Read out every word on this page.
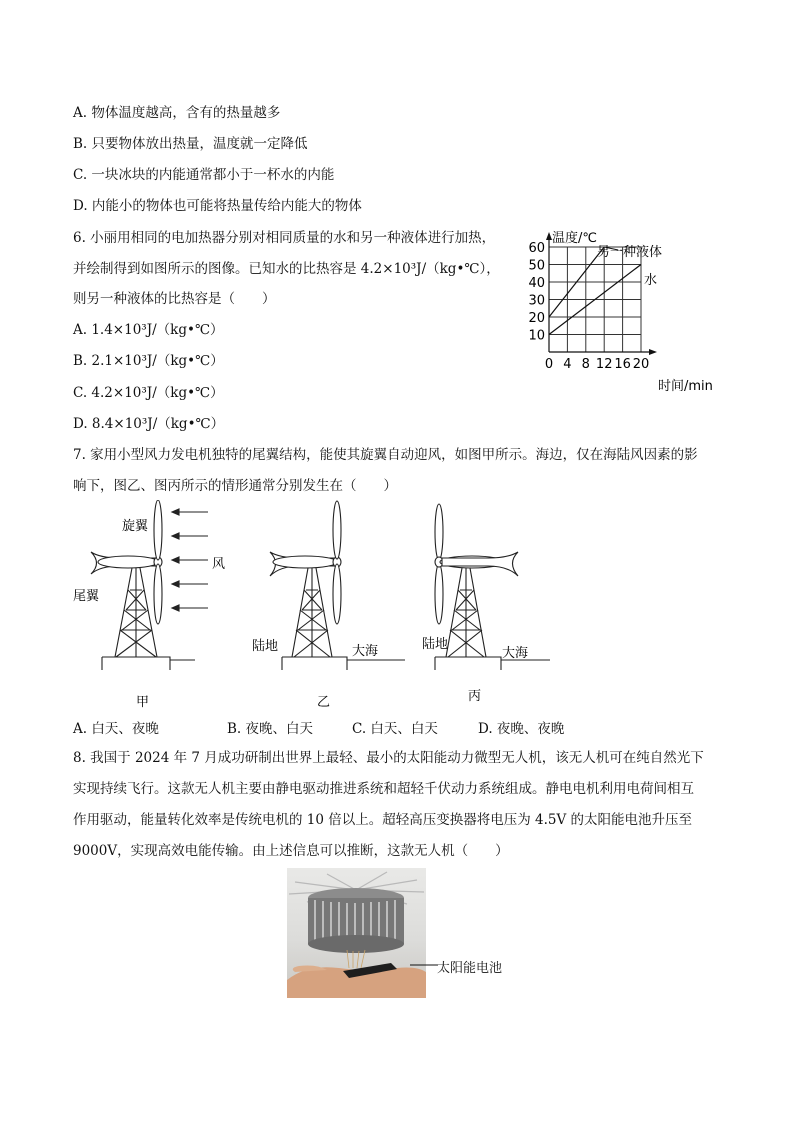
A. 物体温度越高，含有的热量越多
B. 只要物体放出热量，温度就一定降低
C. 一块冰块的内能通常都小于一杯水的内能
D. 内能小的物体也可能将热量传给内能大的物体
6. 小丽用相同的电加热器分别对相同质量的水和另一种液体进行加热，
并绘制得到如图所示的图像。已知水的比热容是 4.2×10³J/（kg•℃），
则另一种液体的比热容是（　　）
A. 1.4×10³J/（kg•℃）
B. 2.1×10³J/（kg•℃）
C. 4.2×10³J/（kg•℃）
D. 8.4×10³J/（kg•℃）
0 4 8 12 16 20
10
20
30
40
50
60
温度/℃
时间/min
另一种液体
水
7. 家用小型风力发电机独特的尾翼结构，能使其旋翼自动迎风，如图甲所示。海边，仅在海陆风因素的影
响下，图乙、图丙所示的情形通常分别发生在（　　）
旋翼
尾翼
风
甲
陆地	大海
乙
陆地
大海
丙
A. 白天、夜晚	B. 夜晚、白天	C. 白天、白天	D. 夜晚、夜晚
8. 我国于 2024 年 7 月成功研制出世界上最轻、最小的太阳能动力微型无人机，该无人机可在纯自然光下
实现持续飞行。这款无人机主要由静电驱动推进系统和超轻千伏动力系统组成。静电电机利用电荷间相互
作用驱动，能量转化效率是传统电机的 10 倍以上。超轻高压变换器将电压为 4.5V 的太阳能电池升压至
9000V，实现高效电能传输。由上述信息可以推断，这款无人机（　　）
太阳能电池
